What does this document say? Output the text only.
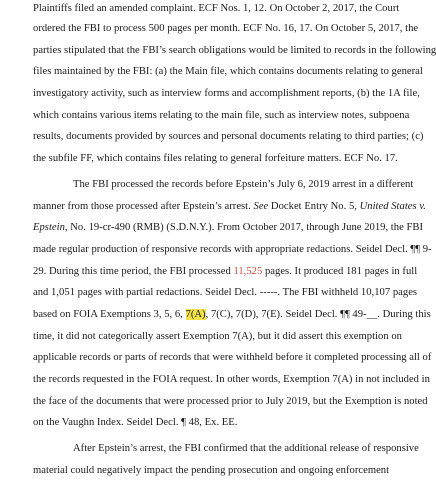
Plaintiffs filed an amended complaint. ECF Nos. 1, 12. On October 2, 2017, the Court
ordered the FBI to process 500 pages per month. ECF No. 16, 17. On October 5, 2017, the
parties stipulated that the FBI’s search obligations would be limited to records in the following
files maintained by the FBI: (a) the Main file, which contains documents relating to general
investigatory activity, such as interview forms and accomplishment reports, (b) the 1A file,
which contains various items relating to the main file, such as interview notes, subpoena
results, documents provided by sources and personal documents relating to third parties; (c)
the subfile FF, which contains files relating to general forfeiture matters. ECF No. 17.
The FBI processed the records before Epstein’s July 6, 2019 arrest in a different
manner from those processed after Epstein’s arrest. See Docket Entry No. 5, United States v.
Epstein, No. 19-cr-490 (RMB) (S.D.N.Y.). From October 2017, through June 2019, the FBI
made regular production of responsive records with appropriate redactions. Seidel Decl. ¶¶ 9-
29. During this time period, the FBI processed 11,525 pages. It produced 181 pages in full
and 1,051 pages with partial redactions. Seidel Decl. -----. The FBI withheld 10,107 pages
based on FOIA Exemptions 3, 5, 6, 7(A), 7(C), 7(D), 7(E). Seidel Decl. ¶¶ 49-__. During this
time, it did not categorically assert Exemption 7(A), but it did assert this exemption on
applicable records or parts of records that were withheld before it completed processing all of
the records requested in the FOIA request. In other words, Exemption 7(A) in not included in
the face of the documents that were processed prior to July 2019, but the Exemption is noted
on the Vaughn Index. Seidel Decl. ¶ 48, Ex. EE.
After Epstein’s arrest, the FBI confirmed that the additional release of responsive
material could negatively impact the pending prosecution and ongoing enforcement
